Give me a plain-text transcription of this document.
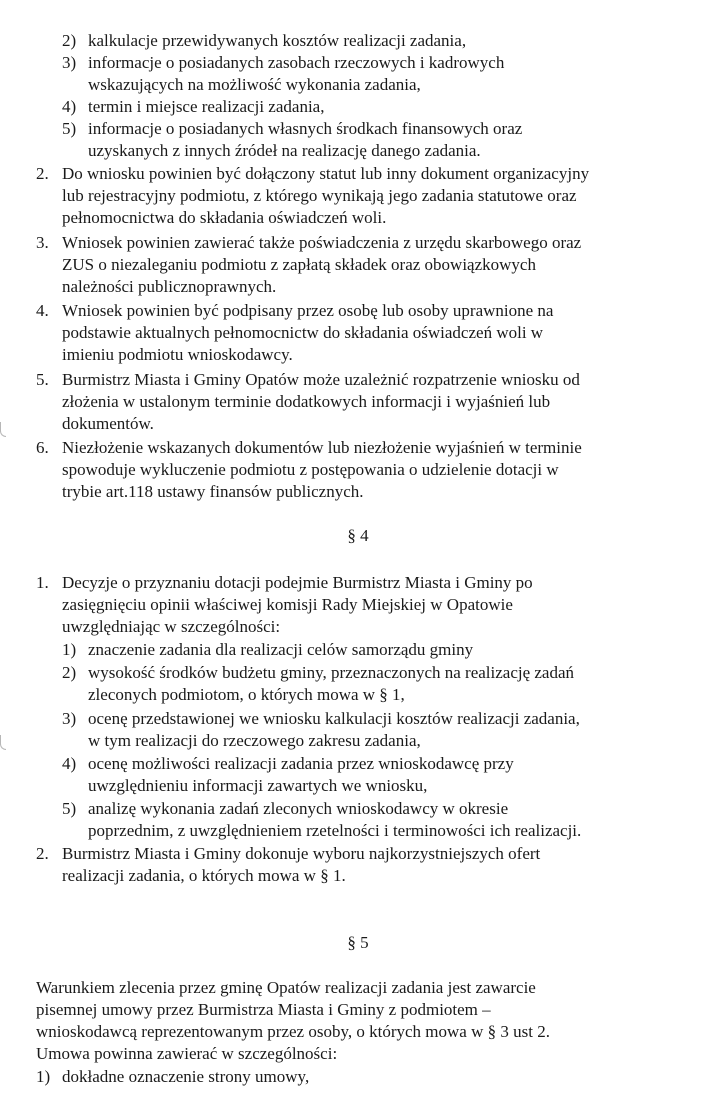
2) kalkulacje przewidywanych kosztów realizacji zadania,
3) informacje o posiadanych zasobach rzeczowych i kadrowych
wskazujących na możliwość wykonania zadania,
4) termin i miejsce realizacji zadania,
5) informacje o posiadanych własnych środkach finansowych oraz
uzyskanych z innych źródeł na realizację danego zadania.
2. Do wniosku powinien być dołączony statut lub inny dokument organizacyjny
lub rejestracyjny podmiotu, z którego wynikają jego zadania statutowe oraz
pełnomocnictwa do składania oświadczeń woli.
3. Wniosek powinien zawierać także poświadczenia z urzędu skarbowego oraz
ZUS o niezaleganiu podmiotu z zapłatą składek oraz obowiązkowych
należności publicznoprawnych.
4. Wniosek powinien być podpisany przez osobę lub osoby uprawnione na
podstawie aktualnych pełnomocnictw do składania oświadczeń woli w
imieniu podmiotu wnioskodawcy.
5. Burmistrz Miasta i Gminy Opatów może uzależnić rozpatrzenie wniosku od
złożenia w ustalonym terminie dodatkowych informacji i wyjaśnień lub
dokumentów.
6. Niezłożenie wskazanych dokumentów lub niezłożenie wyjaśnień w terminie
spowoduje wykluczenie podmiotu z postępowania o udzielenie dotacji w
trybie art.118 ustawy finansów publicznych.
1. Decyzje o przyznaniu dotacji podejmie Burmistrz Miasta i Gminy po
zasięgnięciu opinii właściwej komisji Rady Miejskiej w Opatowie
uwzględniając w szczególności:
1) znaczenie zadania dla realizacji celów samorządu gminy
2) wysokość środków budżetu gminy, przeznaczonych na realizację zadań
zleconych podmiotom, o których mowa w § 1,
3) ocenę przedstawionej we wniosku kalkulacji kosztów realizacji zadania,
w tym realizacji do rzeczowego zakresu zadania,
4) ocenę możliwości realizacji zadania przez wnioskodawcę przy
uwzględnieniu informacji zawartych we wniosku,
5) analizę wykonania zadań zleconych wnioskodawcy w okresie
poprzednim, z uwzględnieniem rzetelności i terminowości ich realizacji.
2. Burmistrz Miasta i Gminy dokonuje wyboru najkorzystniejszych ofert
realizacji zadania, o których mowa w § 1.
Warunkiem zlecenia przez gminę Opatów realizacji zadania jest zawarcie
pisemnej umowy przez Burmistrza Miasta i Gminy z podmiotem –
wnioskodawcą reprezentowanym przez osoby, o których mowa w § 3 ust 2.
Umowa powinna zawierać w szczególności:
1) dokładne oznaczenie strony umowy,
§ 4
§ 5
